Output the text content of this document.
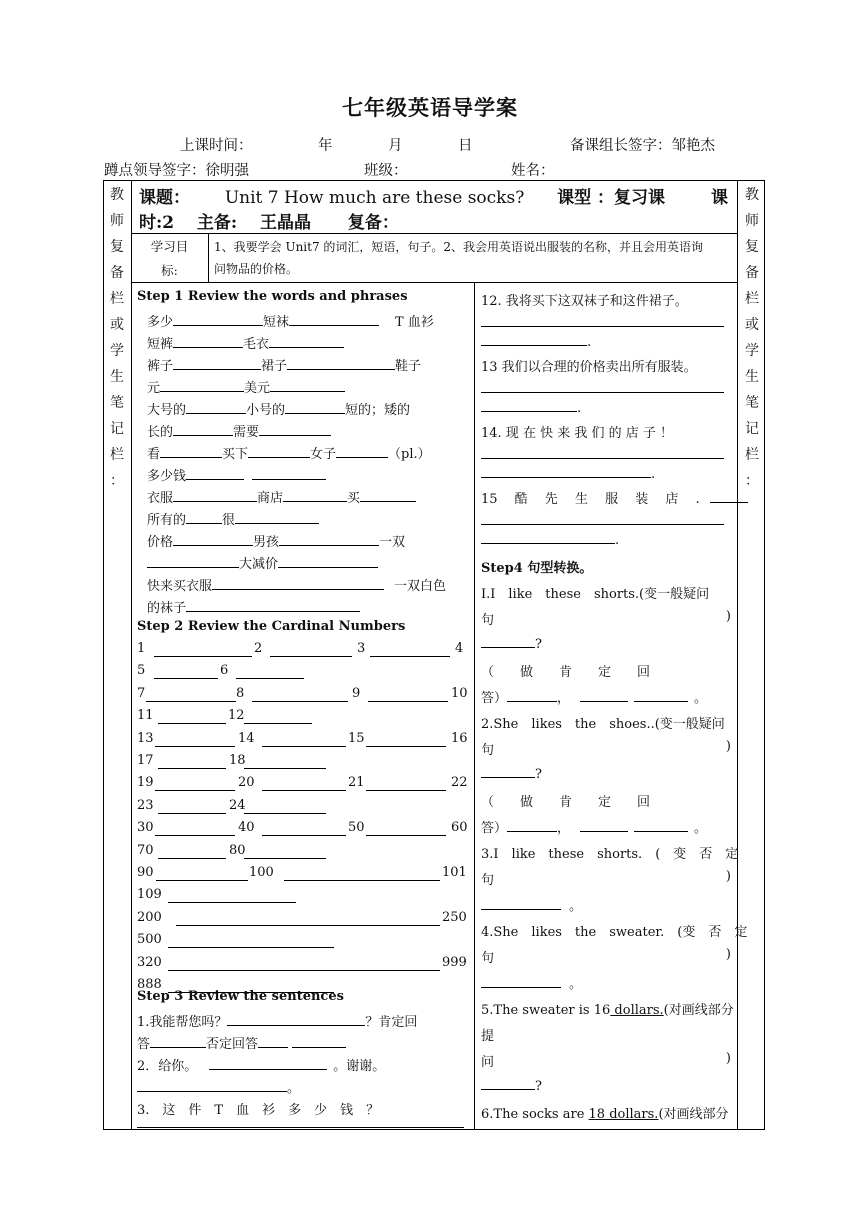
七年级英语导学案
上课时间：	年	月	日	备课组长签字：邹艳杰
蹲点领导签字：徐明强	班级：	姓名：
教
师
复
备
栏
或
学
生
笔
记
栏
：
教
师
复
备
栏
或
学
生
笔
记
栏
：
课题： Unit 7 How much are these socks? 课型 ：复习课	课
时:2 主备: 王晶晶 复备：
学习目
标:
1、我要学会 Unit7 的词汇，短语，句子。2、我会用英语说出服装的名称，并且会用英语询
问物品的价格。
Step 1 Review the words and phrases
多少	短袜	T 血衫
短裤	毛衣
裤子	裙子	鞋子
元	美元
大号的	小号的	短的；矮的
长的	需要
看	买下	女子	（pl.）
多少钱
衣服	商店	买
所有的	很
价格	男孩	一双
大减价
快来买衣服	一双白色
的袜子
Step 2 Review the Cardinal Numbers
1	2	3	4
5	6
7	8	9	10
11	12
13	14	15	16
17	18
19	20	21	22
23	24
30	40	50	60
70	80
90	100	101
109
200	250
500
320	999
888
Step 3 Review the sentences
1.我能帮您吗？	？肯定回
答	否定回答
2．给你。	。谢谢。
。
3.　这　件　T　血　衫　多　少　钱　？
12. 我将买下这双袜子和这件裙子。
.
13 我们以合理的价格卖出所有服装。
.
14. 现 在 快 来 我 们 的 店 子 ！
.
15 　酷 　先 　生 　服 　装 　店 　.
.
Step4 句型转换。
I.I　like　these　shorts.(变一般疑问
句	)
?
（　　做　　肯　　定　　回
答）	，	。
2.She　likes　the　shoes..(变一般疑问
句	)
?
（　　做　　肯　　定　　回
答）	，	。
3.I　like　these　shorts.　(　变　否　定
句	)
。
4.She　likes　the　sweater.　(变　否　定
句	)
。
5.The sweater is 16 dollars.(对画线部分
提
问	)
?
6.The socks are 18 dollars.(对画线部分
